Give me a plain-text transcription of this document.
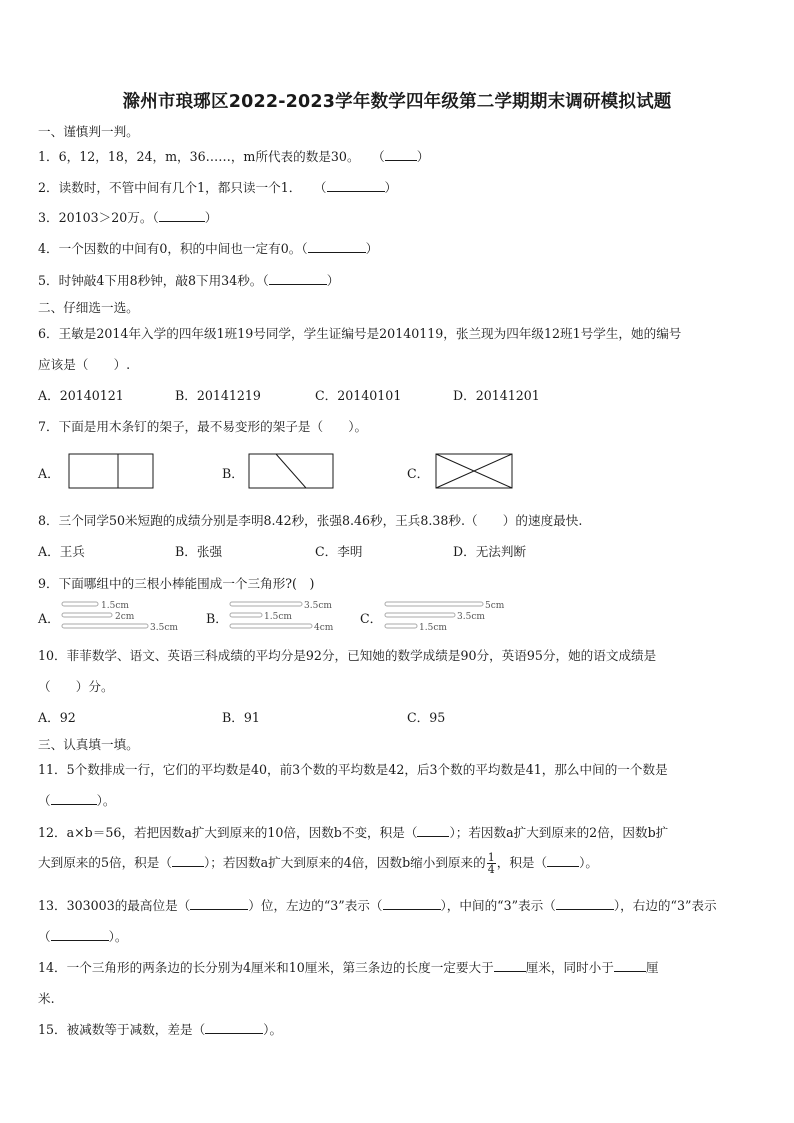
滁州市琅琊区2022-2023学年数学四年级第二学期期末调研模拟试题
一、谨慎判一判。
1．6，12，18，24，m，36……，m所代表的数是30。　　 （	）
2．读数时，不管中间有几个1，都只读一个1．　　 （	）
3．20103＞20万。（	）
4．一个因数的中间有0，积的中间也一定有0。（	）
5．时钟敲4下用8秒钟，敲8下用34秒。（	）
二、仔细选一选。
6．王敏是2014年入学的四年级1班19号同学，学生证编号是20140119，张兰现为四年级12班1号学生，她的编号
应该是（　　）.
A．20140121	B．20141219	C．20140101	D．20141201
7．下面是用木条钉的架子，最不易变形的架子是（　　）。
A．	B．	C．
8．三个同学50米短跑的成绩分别是李明8.42秒，张强8.46秒，王兵8.38秒.（　　）的速度最快.
A．王兵	B．张强	C．李明	D．无法判断
9．下面哪组中的三根小棒能围成一个三角形?(　)
A．
1.5cm
2cm
3.5cm
B．
3.5cm
1.5cm
4cm
C．
5cm
3.5cm
1.5cm
10．菲菲数学、语文、英语三科成绩的平均分是92分，已知她的数学成绩是90分，英语95分，她的语文成绩是
（　　）分。
A．92	B．91	C．95
三、认真填一填。
11．5个数排成一行，它们的平均数是40，前3个数的平均数是42，后3个数的平均数是41，那么中间的一个数是
（	）。
12．a×b＝56，若把因数a扩大到原来的10倍，因数b不变，积是（	）；若因数a扩大到原来的2倍，因数b扩
大到原来的5倍，积是（	）；若因数a扩大到原来的4倍，因数b缩小到原来的 $\frac{1}{4}$ ，积是（	）。
13．303003的最高位是（	）位，左边的“3”表示（	），中间的“3”表示（	），右边的“3”表示
（	）。
14．一个三角形的两条边的长分别为4厘米和10厘米，第三条边的长度一定要大于	厘米，同时小于	厘
米.
15．被减数等于减数，差是（	）。
